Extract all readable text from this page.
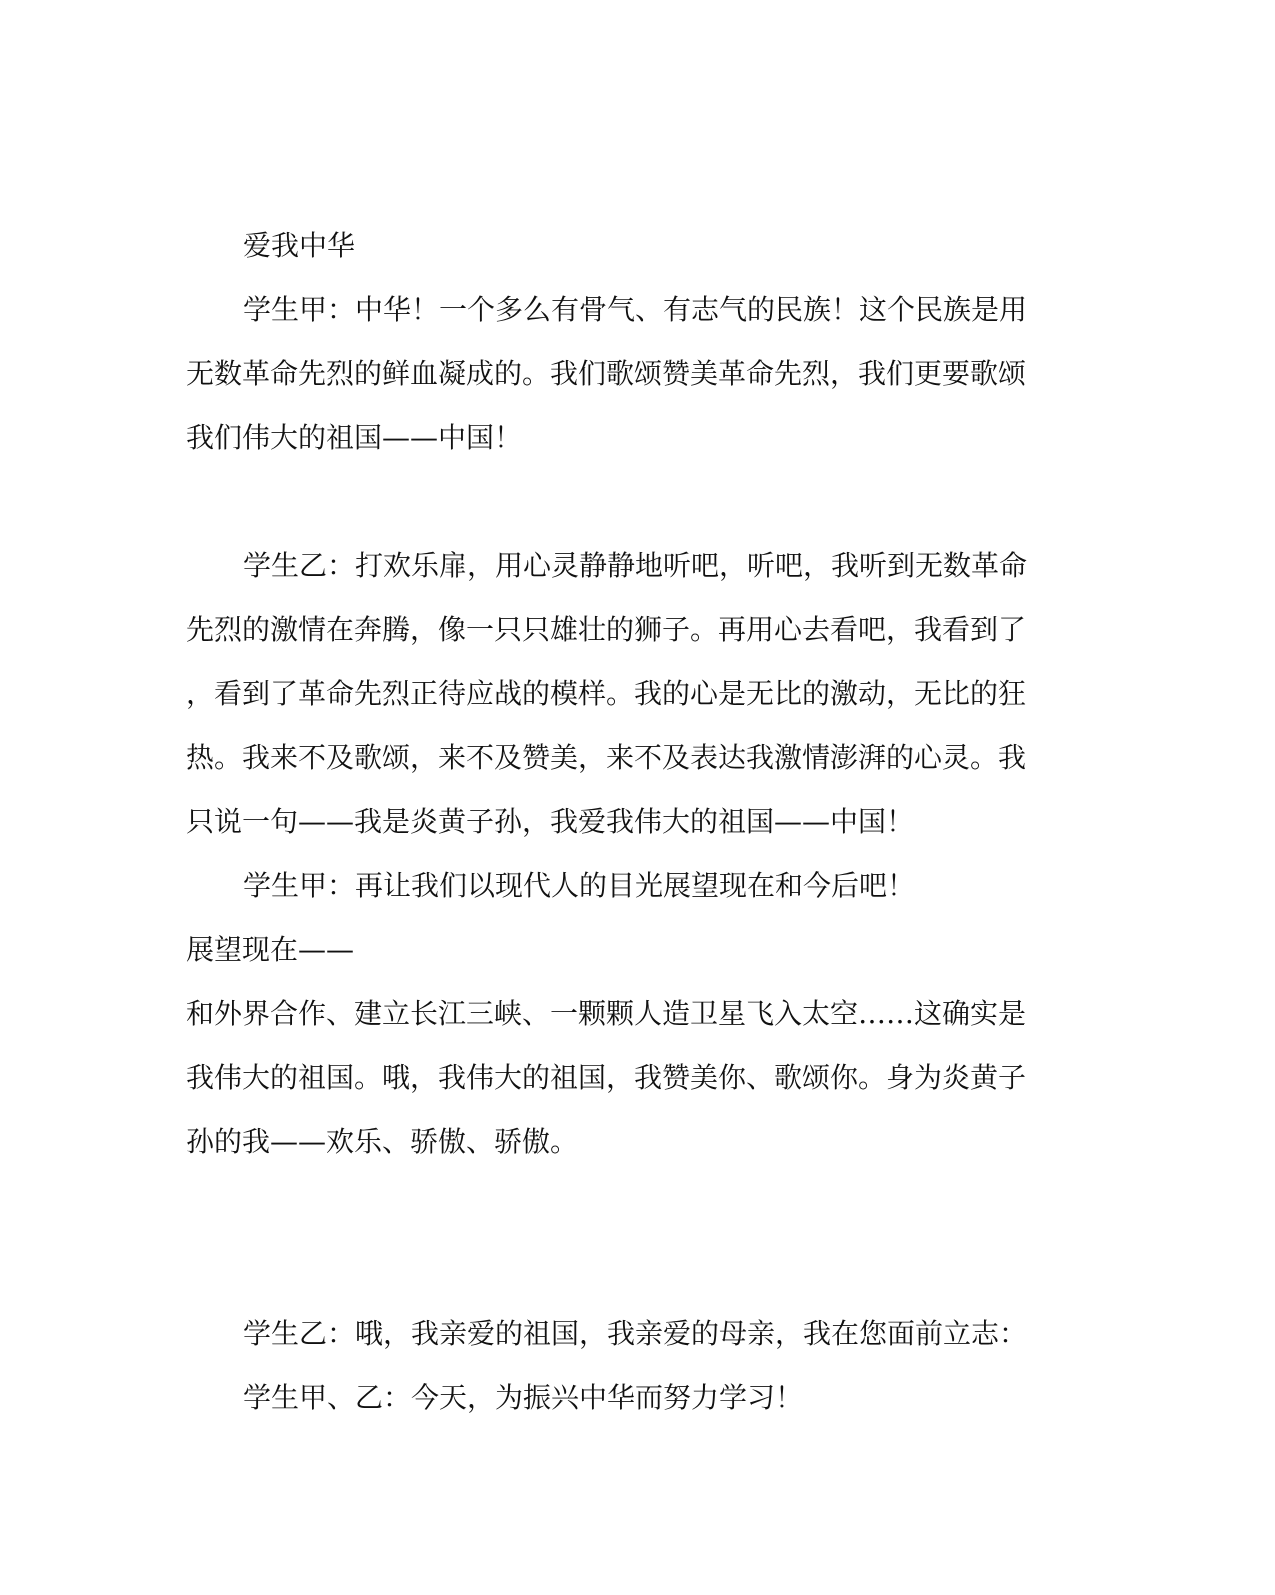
爱我中华
学生甲：中华！一个多么有骨气、有志气的民族！这个民族是用
无数革命先烈的鲜血凝成的。我们歌颂赞美革命先烈，我们更要歌颂
我们伟大的祖国——中国！
学生乙：打欢乐扉，用心灵静静地听吧，听吧，我听到无数革命
先烈的激情在奔腾，像一只只雄壮的狮子。再用心去看吧，我看到了
，看到了革命先烈正待应战的模样。我的心是无比的激动，无比的狂
热。我来不及歌颂，来不及赞美，来不及表达我激情澎湃的心灵。我
只说一句——我是炎黄子孙，我爱我伟大的祖国——中国！
学生甲：再让我们以现代人的目光展望现在和今后吧！
展望现在——
和外界合作、建立长江三峡、一颗颗人造卫星飞入太空……这确实是
我伟大的祖国。哦，我伟大的祖国，我赞美你、歌颂你。身为炎黄子
孙的我——欢乐、骄傲、骄傲。
学生乙：哦，我亲爱的祖国，我亲爱的母亲，我在您面前立志：
学生甲、乙：今天，为振兴中华而努力学习！
